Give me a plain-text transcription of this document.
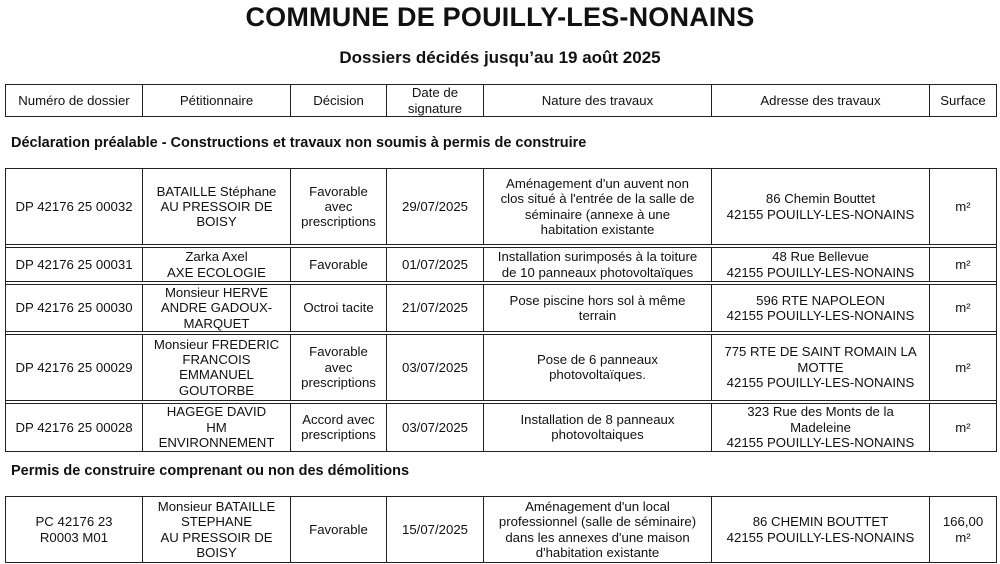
COMMUNE DE POUILLY-LES-NONAINS
Dossiers décidés jusqu’au 19 août 2025
Numéro de dossier	Pétitionnaire	Décision	Date de
signature	Nature des travaux	Adresse des travaux	Surface
Déclaration préalable - Constructions et travaux non soumis à permis de construire
DP 42176 25 00032	BATAILLE Stéphane
AU PRESSOIR DE
BOISY	Favorable
avec
prescriptions	29/07/2025	Aménagement d'un auvent non
clos situé à l'entrée de la salle de
séminaire (annexe à une
habitation existante	86 Chemin Bouttet
42155 POUILLY-LES-NONAINS	m²

DP 42176 25 00031	Zarka Axel
AXE ECOLOGIE	Favorable	01/07/2025	Installation surimposés à la toiture
de 10 panneaux photovoltaïques	48 Rue Bellevue
42155 POUILLY-LES-NONAINS	m²

DP 42176 25 00030	Monsieur HERVE
ANDRE GADOUX-
MARQUET	Octroi tacite	21/07/2025	Pose piscine hors sol à même
terrain	596 RTE NAPOLEON
42155 POUILLY-LES-NONAINS	m²

DP 42176 25 00029	Monsieur FREDERIC
FRANCOIS
EMMANUEL
GOUTORBE	Favorable
avec
prescriptions	03/07/2025	Pose de 6 panneaux
photovoltaïques.	775 RTE DE SAINT ROMAIN LA
MOTTE
42155 POUILLY-LES-NONAINS	m²

DP 42176 25 00028	HAGEGE DAVID
HM
ENVIRONNEMENT	Accord avec
prescriptions	03/07/2025	Installation de 8 panneaux
photovoltaiques	323 Rue des Monts de la
Madeleine
42155 POUILLY-LES-NONAINS	m²
Permis de construire comprenant ou non des démolitions
PC 42176 23
R0003 M01	Monsieur BATAILLE
STEPHANE
AU PRESSOIR DE
BOISY	Favorable	15/07/2025	Aménagement d'un local
professionnel (salle de séminaire)
dans les annexes d'une maison
d'habitation existante	86 CHEMIN BOUTTET
42155 POUILLY-LES-NONAINS	166,00
m²
